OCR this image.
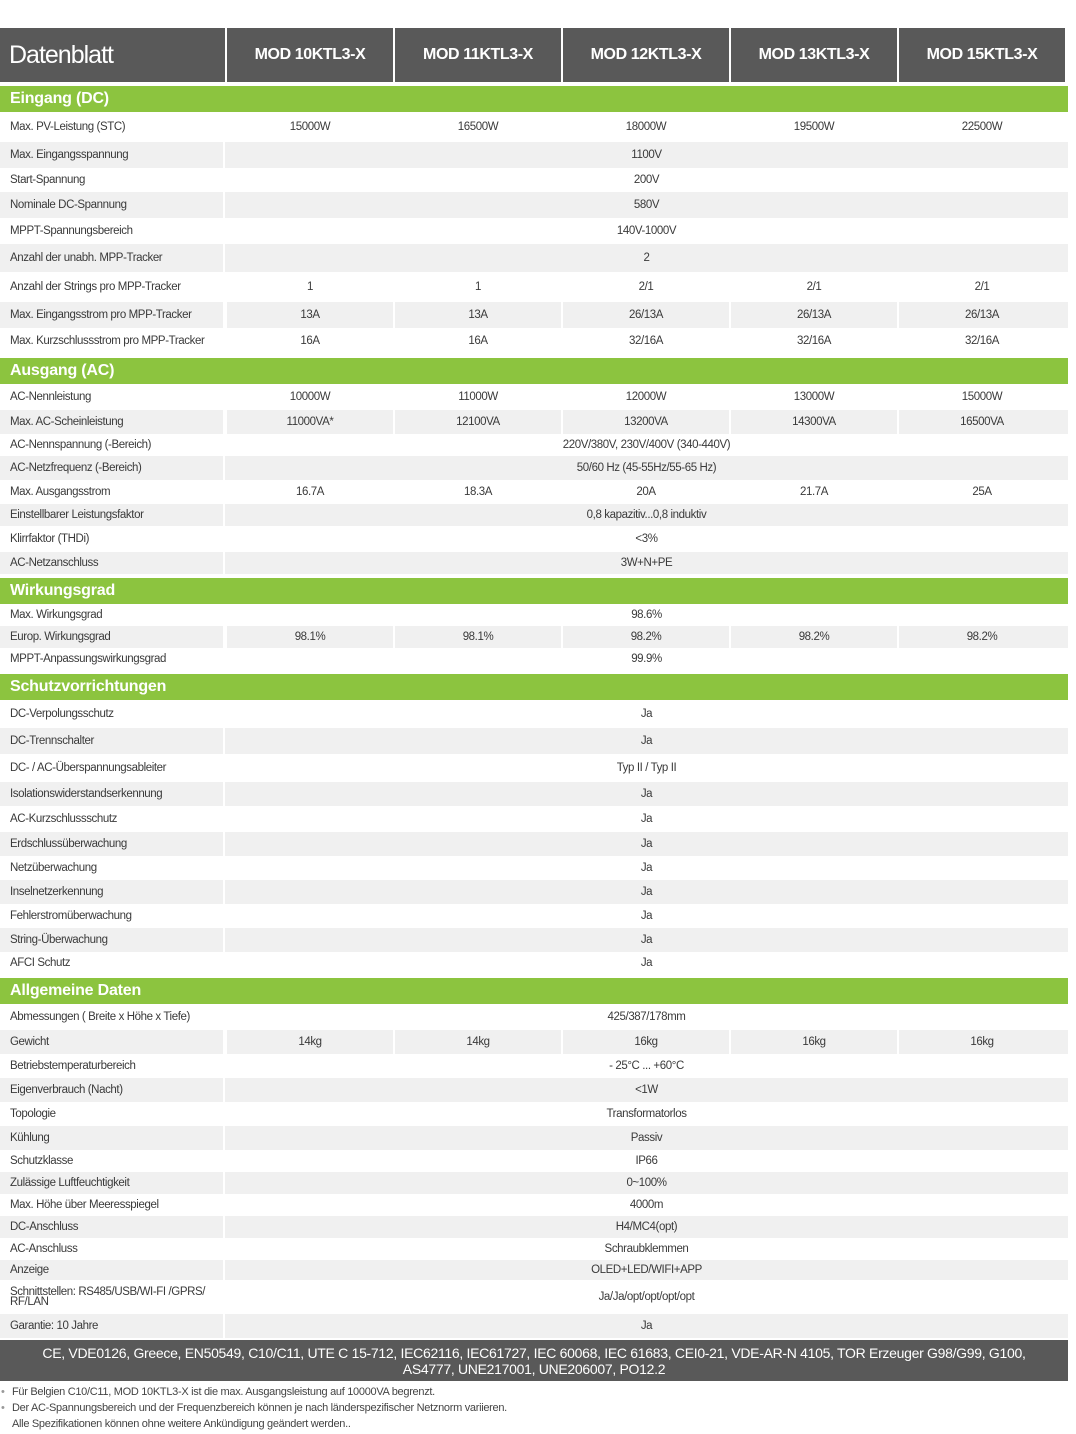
Datenblatt	MOD 10KTL3-X	MOD 11KTL3-X	MOD 12KTL3-X	MOD 13KTL3-X	MOD 15KTL3-X
Eingang (DC)
Max. PV-Leistung (STC)	15000W	16500W	18000W	19500W	22500W
Max. Eingangsspannung	1100V
Start-Spannung	200V
Nominale DC-Spannung	580V
MPPT-Spannungsbereich	140V-1000V
Anzahl der unabh. MPP-Tracker	2
Anzahl der Strings pro MPP-Tracker	1	1	2/1	2/1	2/1
Max. Eingangsstrom pro MPP-Tracker	13A	13A	26/13A	26/13A	26/13A
Max. Kurzschlussstrom pro MPP-Tracker	16A	16A	32/16A	32/16A	32/16A
Ausgang (AC)
AC-Nennleistung	10000W	11000W	12000W	13000W	15000W
Max. AC-Scheinleistung	11000VA*	12100VA	13200VA	14300VA	16500VA
AC-Nennspannung (-Bereich)	220V/380V, 230V/400V (340-440V)
AC-Netzfrequenz (-Bereich)	50/60 Hz (45-55Hz/55-65 Hz)
Max. Ausgangsstrom	16.7A	18.3A	20A	21.7A	25A
Einstellbarer Leistungsfaktor	0,8 kapazitiv...0,8 induktiv
Klirrfaktor (THDi)	<3%
AC-Netzanschluss	3W+N+PE
Wirkungsgrad
Max. Wirkungsgrad	98.6%
Europ. Wirkungsgrad	98.1%	98.1%	98.2%	98.2%	98.2%
MPPT-Anpassungswirkungsgrad	99.9%
Schutzvorrichtungen
DC-Verpolungsschutz	Ja
DC-Trennschalter	Ja
DC- / AC-Überspannungsableiter	Typ II / Typ II
Isolationswiderstandserkennung	Ja
AC-Kurzschlussschutz	Ja
Erdschlussüberwachung	Ja
Netzüberwachung	Ja
Inselnetzerkennung	Ja
Fehlerstromüberwachung	Ja
String-Überwachung	Ja
AFCI Schutz	Ja
Allgemeine Daten
Abmessungen ( Breite x Höhe x Tiefe)	425/387/178mm
Gewicht	14kg	14kg	16kg	16kg	16kg
Betriebstemperaturbereich	- 25°C ... +60°C
Eigenverbrauch (Nacht)	<1W
Topologie	Transformatorlos
Kühlung	Passiv
Schutzklasse	IP66
Zulässige Luftfeuchtigkeit	0~100%
Max. Höhe über Meeresspiegel	4000m
DC-Anschluss	H4/MC4(opt)
AC-Anschluss	Schraubklemmen
Anzeige	OLED+LED/WIFI+APP
Schnittstellen: RS485/USB/WI-FI /GPRS/ RF/LAN	Ja/Ja/opt/opt/opt/opt
Garantie: 10 Jahre	Ja
CE, VDE0126, Greece, EN50549, C10/C11, UTE C 15-712, IEC62116, IEC61727, IEC 60068, IEC 61683, CEI0-21, VDE-AR-N 4105, TOR Erzeuger G98/G99, G100, AS4777, UNE217001, UNE206007, PO12.2
• Für Belgien C10/C11, MOD 10KTL3-X ist die max. Ausgangsleistung auf 10000VA begrenzt.
• Der AC-Spannungsbereich und der Frequenzbereich können je nach länderspezifischer Netznorm variieren.
Alle Spezifikationen können ohne weitere Ankündigung geändert werden..
